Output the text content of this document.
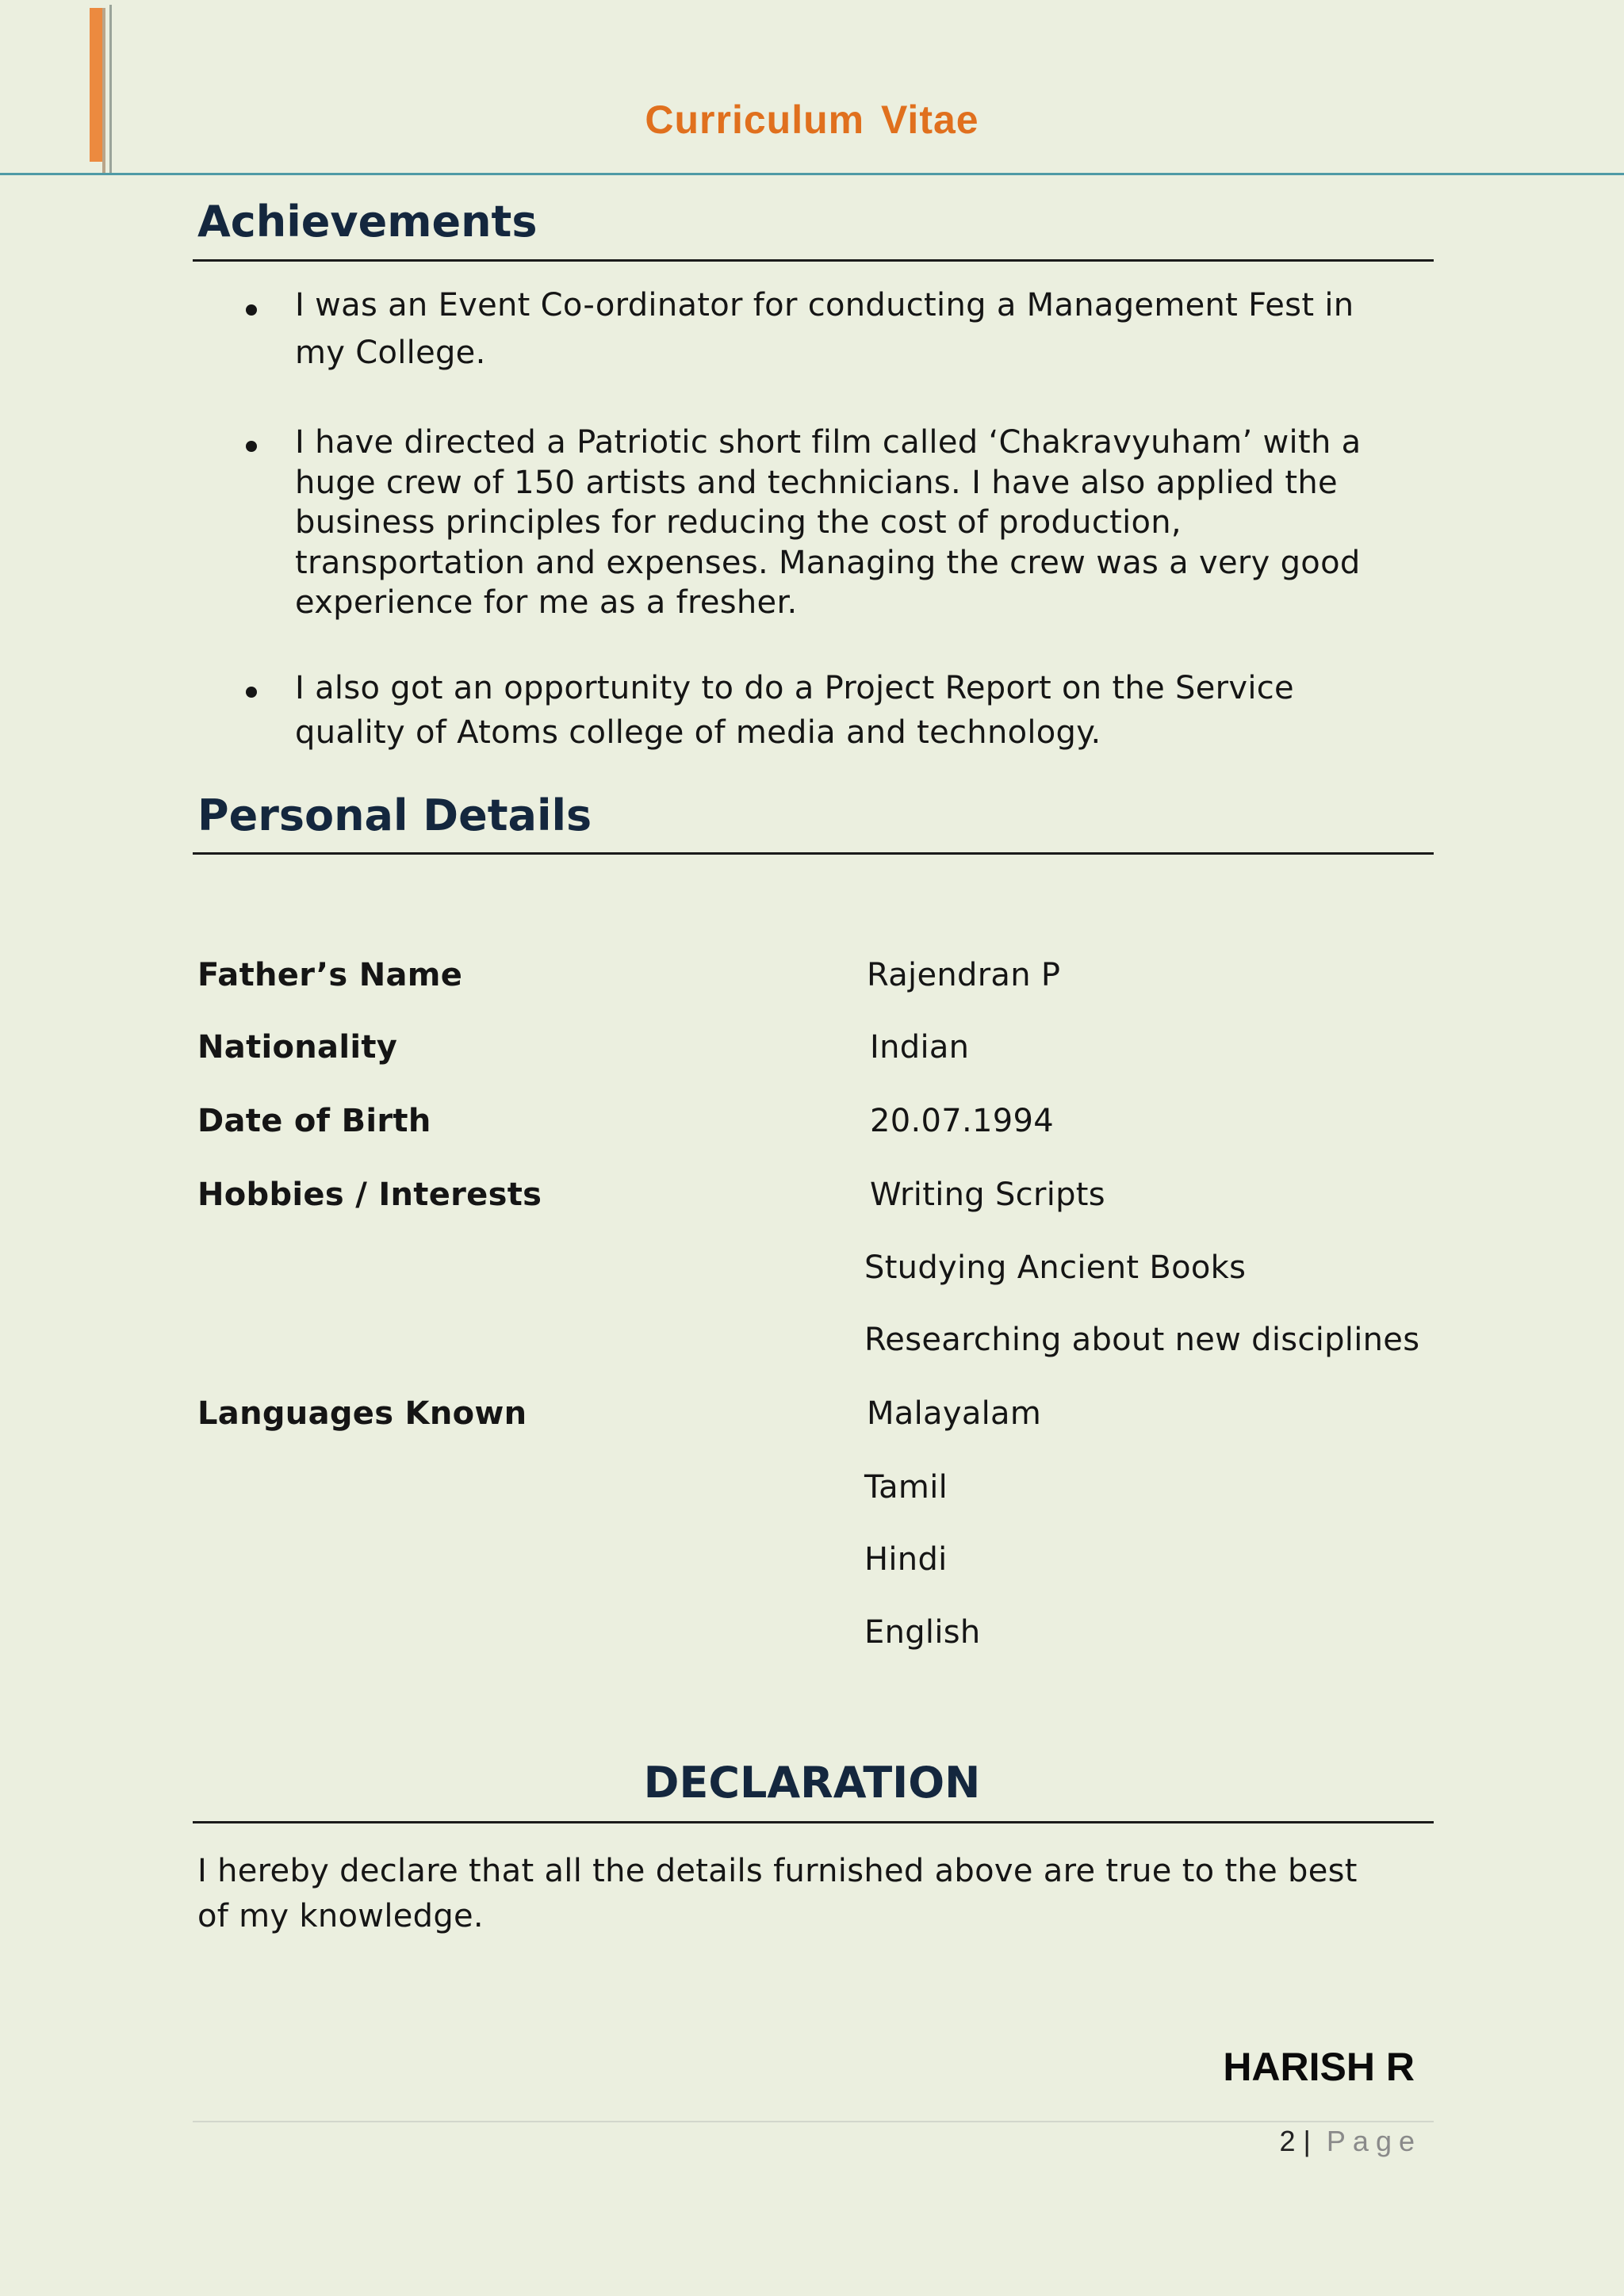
Curriculum Vitae
Achievements
I was an Event Co-ordinator for conducting a Management Fest in
my College.
I have directed a Patriotic short film called ‘Chakravyuham’ with a
huge crew of 150 artists and technicians. I have also applied the
business principles for reducing the cost of production,
transportation and expenses. Managing the crew was a very good
experience for me as a fresher.
I also got an opportunity to do a Project Report on the Service
quality of Atoms college of media and technology.
Personal Details
Father’s Name	Rajendran P
Nationality	Indian
Date of Birth	20.07.1994
Hobbies / Interests	Writing Scripts
Studying Ancient Books
Researching about new disciplines
Languages Known	Malayalam
Tamil
Hindi
English
DECLARATION
I hereby declare that all the details furnished above are true to the best
of my knowledge.
HARISH R
2 | Page
